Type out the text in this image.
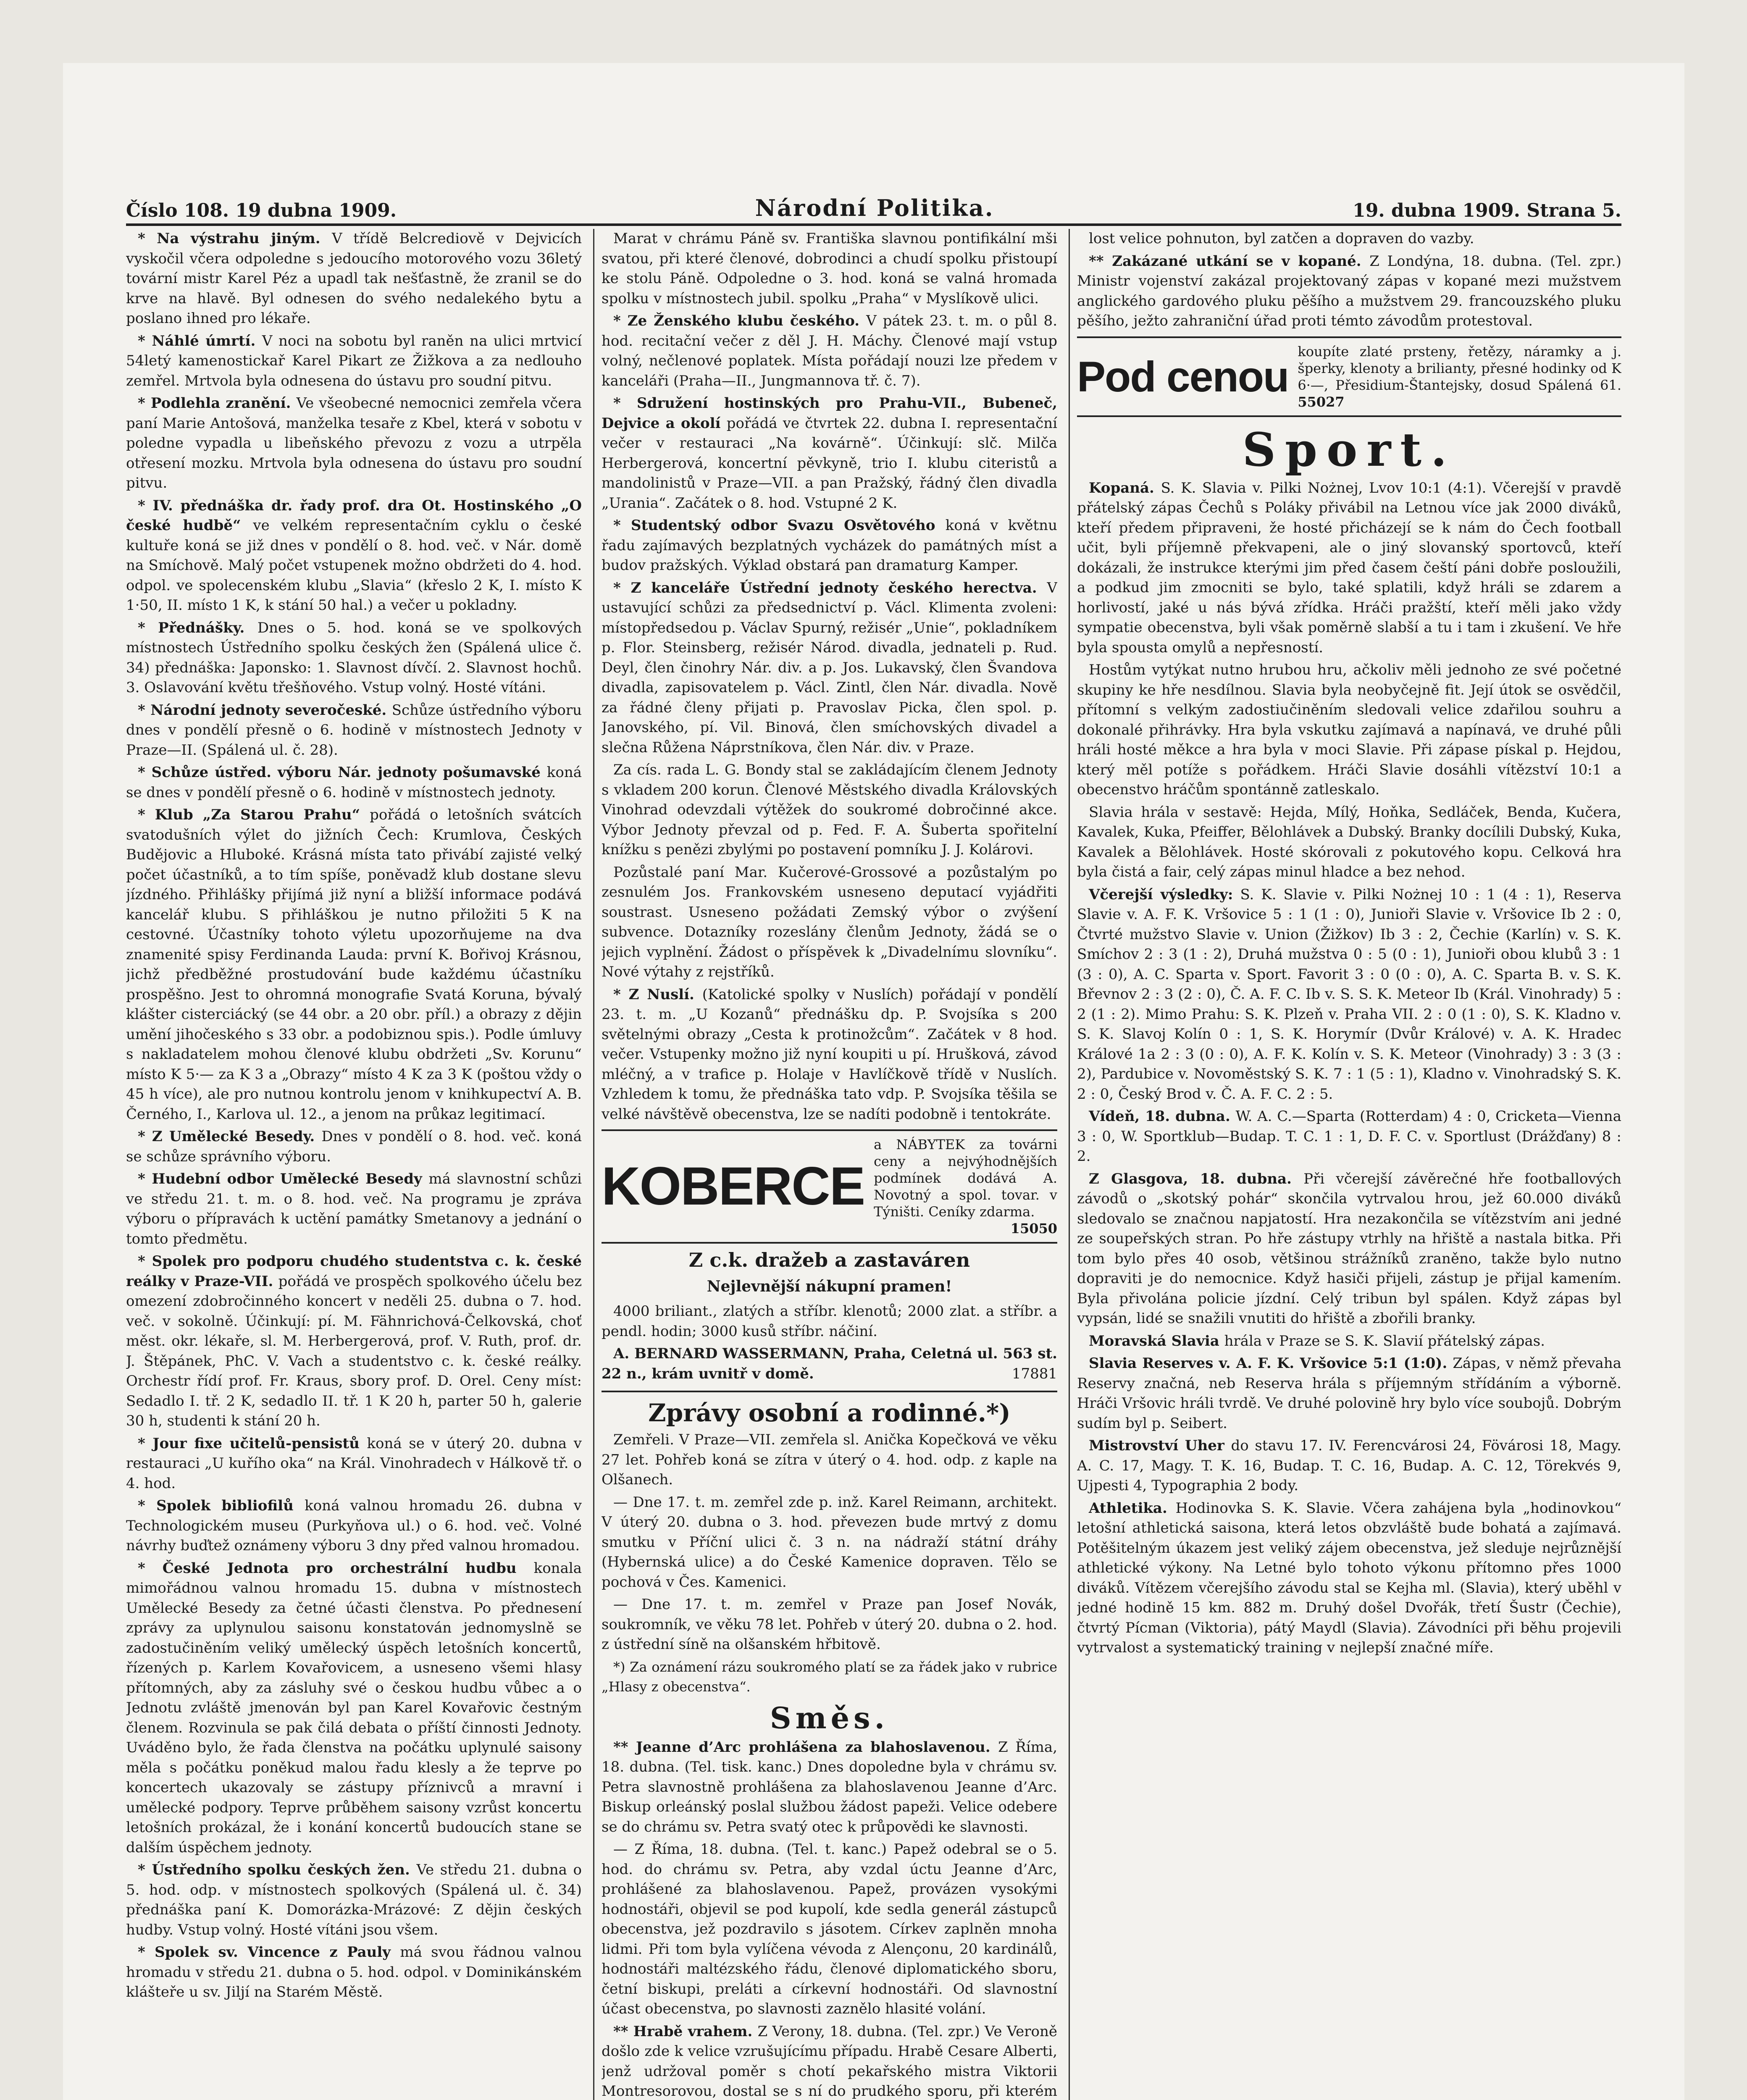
Číslo 108. 19 dubna 1909.	Národní Politika.	19. dubna 1909. Strana 5.

* Na výstrahu jiným. V třídě Belcrediově v Dejvicích vyskočil včera odpoledne s jedoucího motorového vozu 36letý tovární mistr Karel Péz a upadl tak nešťastně, že zranil se do krve na hlavě. Byl odnesen do svého nedalekého bytu a poslano ihned pro lékaře.

* Náhlé úmrtí. V noci na sobotu byl raněn na ulici mrtvicí 54letý kamenostickař Karel Pikart ze Žižkova a za nedlouho zemřel. Mrtvola byla odnesena do ústavu pro soudní pitvu.

* Podlehla zranění. Ve všeobecné nemocnici zemřela včera paní Marie Antošová, manželka tesaře z Kbel, která v sobotu v poledne vypadla u libeňského převozu z vozu a utrpěla otřesení mozku. Mrtvola byla odnesena do ústavu pro soudní pitvu.

* IV. přednáška dr. řady prof. dra Ot. Hostinského „O české hudbě“ ve velkém representačním cyklu o české kultuře koná se již dnes v pondělí o 8. hod. več. v Nár. domě na Smíchově. Malý počet vstupenek možno obdržeti do 4. hod. odpol. ve spolecenském klubu „Slavia“ (křeslo 2 K, I. místo K 1·50, II. místo 1 K, k stání 50 hal.) a večer u pokladny.

* Přednášky. Dnes o 5. hod. koná se ve spolkových místnostech Ústředního spolku českých žen (Spálená ulice č. 34) přednáška: Japonsko: 1. Slavnost dívčí. 2. Slavnost hochů. 3. Oslavování květu třešňového. Vstup volný. Hosté vítáni.

* Národní jednoty severočeské. Schůze ústředního výboru dnes v pondělí přesně o 6. hodině v místnostech Jednoty v Praze—II. (Spálená ul. č. 28).

* Schůze ústřed. výboru Nár. jednoty pošumavské koná se dnes v pondělí přesně o 6. hodině v místnostech jednoty.

* Klub „Za Starou Prahu“ pořádá o letošních svátcích svatodušních výlet do jižních Čech: Krumlova, Českých Budějovic a Hluboké. Krásná místa tato přivábí zajisté velký počet účastníků, a to tím spíše, poněvadž klub dostane slevu jízdného. Přihlášky přijímá již nyní a bližší informace podává kancelář klubu. S přihláškou je nutno přiložiti 5 K na cestovné. Účastníky tohoto výletu upozorňujeme na dva znamenité spisy Ferdinanda Lauda: první K. Bořivoj Krásnou, jichž předběžné prostudování bude každému účastníku prospěšno. Jest to ohromná monografie Svatá Koruna, bývalý klášter cisterciácký (se 44 obr. a 20 obr. příl.) a obrazy z dějin umění jihočeského s 33 obr. a podobiznou spis.). Podle úmluvy s nakladatelem mohou členové klubu obdržeti „Sv. Korunu“ místo K 5·— za K 3 a „Obrazy“ místo 4 K za 3 K (poštou vždy o 45 h více), ale pro nutnou kontrolu jenom v knihkupectví A. B. Černého, I., Karlova ul. 12., a jenom na průkaz legitimací.

* Z Umělecké Besedy. Dnes v pondělí o 8. hod. več. koná se schůze správního výboru.

* Hudební odbor Umělecké Besedy má slavnostní schůzi ve středu 21. t. m. o 8. hod. več. Na programu je zpráva výboru o přípravách k uctění památky Smetanovy a jednání o tomto předmětu.

* Spolek pro podporu chudého studentstva c. k. české reálky v Praze-VII. pořádá ve prospěch spolkového účelu bez omezení zdobročinného koncert v neděli 25. dubna o 7. hod. več. v sokolně. Účinkují: pí. M. Fähnrichová-Čelkovská, choť měst. okr. lékaře, sl. M. Herbergerová, prof. V. Ruth, prof. dr. J. Štěpánek, PhC. V. Vach a studentstvo c. k. české reálky. Orchestr řídí prof. Fr. Kraus, sbory prof. D. Orel. Ceny míst: Sedadlo I. tř. 2 K, sedadlo II. tř. 1 K 20 h, parter 50 h, galerie 30 h, studenti k stání 20 h.

* Jour fixe učitelů-pensistů koná se v úterý 20. dubna v restauraci „U kuřího oka“ na Král. Vinohradech v Hálkově tř. o 4. hod.

* Spolek bibliofilů koná valnou hromadu 26. dubna v Technologickém museu (Purkyňova ul.) o 6. hod. več. Volné návrhy buďtež oznámeny výboru 3 dny před valnou hromadou.

* České Jednota pro orchestrální hudbu konala mimořádnou valnou hromadu 15. dubna v místnostech Umělecké Besedy za četné účasti členstva. Po přednesení zprávy za uplynulou saisonu konstatován jednomyslně se zadostučiněním veliký umělecký úspěch letošních koncertů, řízených p. Karlem Kovařovicem, a usneseno všemi hlasy přítomných, aby za zásluhy své o českou hudbu vůbec a o Jednotu zvláště jmenován byl pan Karel Kovařovic čestným členem. Rozvinula se pak čilá debata o příští činnosti Jednoty. Uváděno bylo, že řada členstva na počátku uplynulé saisony měla s počátku poněkud malou řadu klesly a že teprve po koncertech ukazovaly se zástupy příznivců a mravní i umělecké podpory. Teprve průběhem saisony vzrůst koncertu letošních prokázal, že i konání koncertů budoucích stane se dalším úspěchem jednoty.

* Ústředního spolku českých žen. Ve středu 21. dubna o 5. hod. odp. v místnostech spolkových (Spálená ul. č. 34) přednáška paní K. Domorázka-Mrázové: Z dějin českých hudby. Vstup volný. Hosté vítáni jsou všem.

* Spolek sv. Vincence z Pauly má svou řádnou valnou hromadu v středu 21. dubna o 5. hod. odpol. v Dominikánském klášteře u sv. Jiljí na Starém Městě.

Marat v chrámu Páně sv. Františka slavnou pontifikální mši svatou, při které členové, dobrodinci a chudí spolku přistoupí ke stolu Páně. Odpoledne o 3. hod. koná se valná hromada spolku v místnostech jubil. spolku „Praha“ v Myslíkově ulici.

* Ze Ženského klubu českého. V pátek 23. t. m. o půl 8. hod. recitační večer z děl J. H. Máchy. Členové mají vstup volný, nečlenové poplatek. Místa pořádají nouzi lze předem v kanceláři (Praha—II., Jungmannova tř. č. 7).

* Sdružení hostinských pro Prahu-VII., Bubeneč, Dejvice a okolí pořádá ve čtvrtek 22. dubna I. representační večer v restauraci „Na kovárně“. Účinkují: slč. Milča Herbergerová, koncertní pěvkyně, trio I. klubu citeristů a mandolinistů v Praze—VII. a pan Pražský, řádný člen divadla „Urania“. Začátek o 8. hod. Vstupné 2 K.

* Studentský odbor Svazu Osvětového koná v květnu řadu zajímavých bezplatných vycházek do památných míst a budov pražských. Výklad obstará pan dramaturg Kamper.

* Z kanceláře Ústřední jednoty českého herectva. V ustavující schůzi za předsednictví p. Václ. Klimenta zvoleni: místopředsedou p. Václav Spurný, režisér „Unie“, pokladníkem p. Flor. Steinsberg, režisér Národ. divadla, jednateli p. Rud. Deyl, člen činohry Nár. div. a p. Jos. Lukavský, člen Švandova divadla, zapisovatelem p. Václ. Zintl, člen Nár. divadla. Nově za řádné členy přijati p. Pravoslav Picka, člen spol. p. Janovského, pí. Vil. Binová, člen smíchovských divadel a slečna Růžena Náprstníkova, člen Nár. div. v Praze.

Za cís. rada L. G. Bondy stal se zakládajícím členem Jednoty s vkladem 200 korun. Členové Městského divadla Královských Vinohrad odevzdali výtěžek do soukromé dobročinné akce. Výbor Jednoty převzal od p. Fed. F. A. Šuberta spořitelní knížku s penězi zbylými po postavení pomníku J. J. Kolárovi.

Pozůstalé paní Mar. Kučerové-Grossové a pozůstalým po zesnulém Jos. Frankovském usneseno deputací vyjádřiti soustrast. Usneseno požádati Zemský výbor o zvýšení subvence. Dotazníky rozeslány členům Jednoty, žádá se o jejich vyplnění. Žádost o příspěvek k „Divadelnímu slovníku“. Nové výtahy z rejstříků.

* Z Nuslí. (Katolické spolky v Nuslích) pořádají v pondělí 23. t. m. „U Kozanů“ přednášku dp. P. Svojsíka s 200 světelnými obrazy „Cesta k protinožcům“. Začátek v 8 hod. večer. Vstupenky možno již nyní koupiti u pí. Hrušková, závod mléčný, a v trafice p. Holaje v Havlíčkově třídě v Nuslích. Vzhledem k tomu, že přednáška tato vdp. P. Svojsíka těšila se velké návštěvě obecenstva, lze se nadíti podobně i tentokráte.

KOBERCE
a NÁBYTEK za továrni ceny a nejvýhodnějších podmínek dodává A. Novotný a spol. tovar. v Týništi. Ceníky zdarma.
15050
Z c.k. dražeb a zastaváren
Nejlevnější nákupní pramen!

4000 briliant., zlatých a stříbr. klenotů; 2000 zlat. a stříbr. a pendl. hodin; 3000 kusů stříbr. náčiní.

A. BERNARD WASSERMANN, Praha, Celetná ul. 563 st. 22 n., krám uvnitř v domě.	17881

Zprávy osobní a rodinné.*)

Zemřeli. V Praze—VII. zemřela sl. Anička Kopečková ve věku 27 let. Pohřeb koná se zítra v úterý o 4. hod. odp. z kaple na Olšanech.

— Dne 17. t. m. zemřel zde p. inž. Karel Reimann, architekt. V úterý 20. dubna o 3. hod. převezen bude mrtvý z domu smutku v Příční ulici č. 3 n. na nádraží státní dráhy (Hybernská ulice) a do České Kamenice dopraven. Tělo se pochová v Čes. Kamenici.

— Dne 17. t. m. zemřel v Praze pan Josef Novák, soukromník, ve věku 78 let. Pohřeb v úterý 20. dubna o 2. hod. z ústřední síně na olšanském hřbitově.

*) Za oznámení rázu soukromého platí se za řádek jako v rubrice „Hlasy z obecenstva“.

Směs.

** Jeanne d’Arc prohlášena za blahoslavenou. Z Říma, 18. dubna. (Tel. tisk. kanc.) Dnes dopoledne byla v chrámu sv. Petra slavnostně prohlášena za blahoslavenou Jeanne d’Arc. Biskup orleánský poslal službou žádost papeži. Velice odebere se do chrámu sv. Petra svatý otec k průpovědi ke slavnosti.

— Z Říma, 18. dubna. (Tel. t. kanc.) Papež odebral se o 5. hod. do chrámu sv. Petra, aby vzdal úctu Jeanne d’Arc, prohlášené za blahoslavenou. Papež, provázen vysokými hodnostáři, objevil se pod kupolí, kde sedla generál zástupců obecenstva, jež pozdravilo s jásotem. Církev zaplněn mnoha lidmi. Při tom byla vylíčena vévoda z Alençonu, 20 kardinálů, hodnostáři maltézského řádu, členové diplomatického sboru, četní biskupi, preláti a církevní hodnostáři. Od slavnostní účast obecenstva, po slavnosti zaznělo hlasité volání.

** Hrabě vrahem. Z Verony, 18. dubna. (Tel. zpr.) Ve Veroně došlo zde k velice vzrušujícímu případu. Hrabě Cesare Alberti, jenž udržoval poměr s chotí pekařského mistra Viktorii Montresorovou, dostal se s ní do prudkého sporu, při kterém

lost velice pohnuton, byl zatčen a dopraven do vazby.

** Zakázané utkání se v kopané. Z Londýna, 18. dubna. (Tel. zpr.) Ministr vojenství zakázal projektovaný zápas v kopané mezi mužstvem anglického gardového pluku pěšího a mužstvem 29. francouzského pluku pěšího, ježto zahraniční úřad proti témto závodům protestoval.

Pod cenou
koupíte zlaté prsteny, řetězy, náramky a j. šperky, klenoty a brilianty, přesné hodinky od K 6·—, Přesidium-Štantejsky, dosud Spálená 61. 55027
Sport.

Kopaná. S. K. Slavia v. Pilki Nożnej, Lvov 10:1 (4:1). Včerejší v pravdě přátelský zápas Čechů s Poláky přivábil na Letnou více jak 2000 diváků, kteří předem připraveni, že hosté přicházejí se k nám do Čech football učit, byli příjemně překvapeni, ale o jiný slovanský sportovců, kteří dokázali, že instrukce kterými jim před časem čeští páni dobře posloužili, a podkud jim zmocniti se bylo, také splatili, když hráli se zdarem a horlivostí, jaké u nás bývá zřídka. Hráči pražští, kteří měli jako vždy sympatie obecenstva, byli však poměrně slabší a tu i tam i zkušení. Ve hře byla spousta omylů a nepřesností.

Hostům vytýkat nutno hrubou hru, ačkoliv měli jednoho ze své početné skupiny ke hře nesdílnou. Slavia byla neobyčejně fit. Její útok se osvědčil, přítomní s velkým zadostiučiněním sledovali velice zdařilou souhru a dokonalé přihrávky. Hra byla vskutku zajímavá a napínavá, ve druhé půli hráli hosté měkce a hra byla v moci Slavie. Při zápase pískal p. Hejdou, který měl potíže s pořádkem. Hráči Slavie dosáhli vítězství 10:1 a obecenstvo hráčům spontánně zatleskalo.

Slavia hrála v sestavě: Hejda, Mílý, Hoňka, Sedláček, Benda, Kučera, Kavalek, Kuka, Pfeiffer, Bělohlávek a Dubský. Branky docílili Dubský, Kuka, Kavalek a Bělohlávek. Hosté skórovali z pokutového kopu. Celková hra byla čistá a fair, celý zápas minul hladce a bez nehod.

Včerejší výsledky: S. K. Slavie v. Pilki Nożnej 10 : 1 (4 : 1), Reserva Slavie v. A. F. K. Vršovice 5 : 1 (1 : 0), Junioři Slavie v. Vršovice Ib 2 : 0, Čtvrté mužstvo Slavie v. Union (Žižkov) Ib 3 : 2, Čechie (Karlín) v. S. K. Smíchov 2 : 3 (1 : 2), Druhá mužstva 0 : 5 (0 : 1), Junioři obou klubů 3 : 1 (3 : 0), A. C. Sparta v. Sport. Favorit 3 : 0 (0 : 0), A. C. Sparta B. v. S. K. Břevnov 2 : 3 (2 : 0), Č. A. F. C. Ib v. S. S. K. Meteor Ib (Král. Vinohrady) 5 : 2 (1 : 2). Mimo Prahu: S. K. Plzeň v. Praha VII. 2 : 0 (1 : 0), S. K. Kladno v. S. K. Slavoj Kolín 0 : 1, S. K. Horymír (Dvůr Králové) v. A. K. Hradec Králové 1a 2 : 3 (0 : 0), A. F. K. Kolín v. S. K. Meteor (Vinohrady) 3 : 3 (3 : 2), Pardubice v. Novoměstský S. K. 7 : 1 (5 : 1), Kladno v. Vinohradský S. K. 2 : 0, Český Brod v. Č. A. F. C. 2 : 5.

Vídeň, 18. dubna. W. A. C.—Sparta (Rotterdam) 4 : 0, Cricketa—Vienna 3 : 0, W. Sportklub—Budap. T. C. 1 : 1, D. F. C. v. Sportlust (Drážďany) 8 : 2.

Z Glasgova, 18. dubna. Při včerejší závěrečné hře footballových závodů o „skotský pohár“ skončila vytrvalou hrou, jež 60.000 diváků sledovalo se značnou napjatostí. Hra nezakončila se vítězstvím ani jedné ze soupeřských stran. Po hře zástupy vtrhly na hřiště a nastala bitka. Při tom bylo přes 40 osob, většinou strážníků zraněno, takže bylo nutno dopraviti je do nemocnice. Když hasiči přijeli, zástup je přijal kamením. Byla přivolána policie jízdní. Celý tribun byl spálen. Když zápas byl vypsán, lidé se snažili vnutiti do hřiště a zbořili branky.

Moravská Slavia hrála v Praze se S. K. Slavií přátelský zápas.

Slavia Reserves v. A. F. K. Vršovice 5:1 (1:0). Zápas, v němž převaha Reservy značná, neb Reserva hrála s příjemným střídáním a výborně. Hráči Vršovic hráli tvrdě. Ve druhé polovině hry bylo více soubojů. Dobrým sudím byl p. Seibert.

Mistrovství Uher do stavu 17. IV. Ferencvárosi 24, Fövárosi 18, Magy. A. C. 17, Magy. T. K. 16, Budap. T. C. 16, Budap. A. C. 12, Törekvés 9, Ujpesti 4, Typographia 2 body.

Athletika. Hodinovka S. K. Slavie. Včera zahájena byla „hodinovkou“ letošní athletická saisona, která letos obzvláště bude bohatá a zajímavá. Potěšitelným úkazem jest veliký zájem obecenstva, jež sleduje nejrůznější athletické výkony. Na Letné bylo tohoto výkonu přítomno přes 1000 diváků. Vítězem včerejšího závodu stal se Kejha ml. (Slavia), který uběhl v jedné hodině 15 km. 882 m. Druhý došel Dvořák, třetí Šustr (Čechie), čtvrtý Pícman (Viktoria), pátý Maydl (Slavia). Závodníci při běhu projevili vytrvalost a systematický training v nejlepší značné míře.
